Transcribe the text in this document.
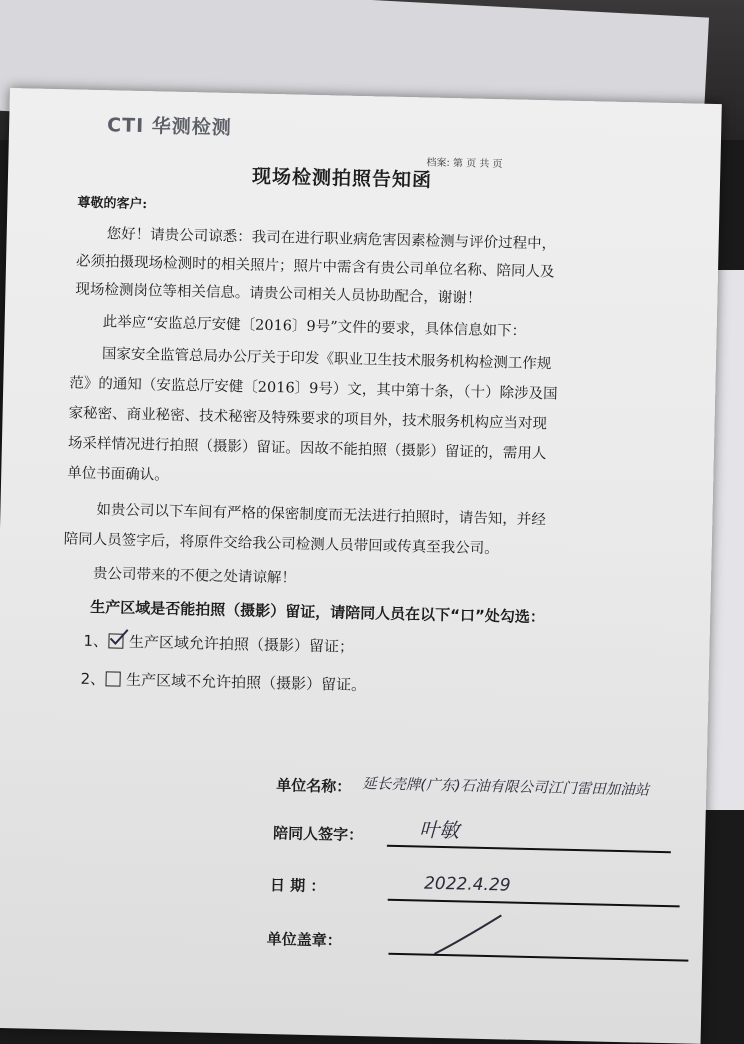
CTI 华测检测
档案: 第 页 共 页
现场检测拍照告知函
尊敬的客户:
您好！请贵公司谅悉：我司在进行职业病危害因素检测与评价过程中，
必须拍摄现场检测时的相关照片；照片中需含有贵公司单位名称、陪同人及
现场检测岗位等相关信息。请贵公司相关人员协助配合，谢谢！
此举应“安监总厅安健〔2016〕9号”文件的要求，具体信息如下：
国家安全监管总局办公厅关于印发《职业卫生技术服务机构检测工作规
范》的通知（安监总厅安健〔2016〕9号）文，其中第十条，（十）除涉及国
家秘密、商业秘密、技术秘密及特殊要求的项目外，技术服务机构应当对现
场采样情况进行拍照（摄影）留证。因故不能拍照（摄影）留证的，需用人
单位书面确认。
如贵公司以下车间有严格的保密制度而无法进行拍照时，请告知，并经
陪同人员签字后，将原件交给我公司检测人员带回或传真至我公司。
贵公司带来的不便之处请谅解！
生产区域是否能拍照（摄影）留证，请陪同人员在以下“口”处勾选：
1、 生产区域允许拍照（摄影）留证；
2、 生产区域不允许拍照（摄影）留证。
单位名称： 延长壳牌(广东)石油有限公司江门雷田加油站
陪同人签字：	叶敏
日 期 ：	2022.4.29
单位盖章：
